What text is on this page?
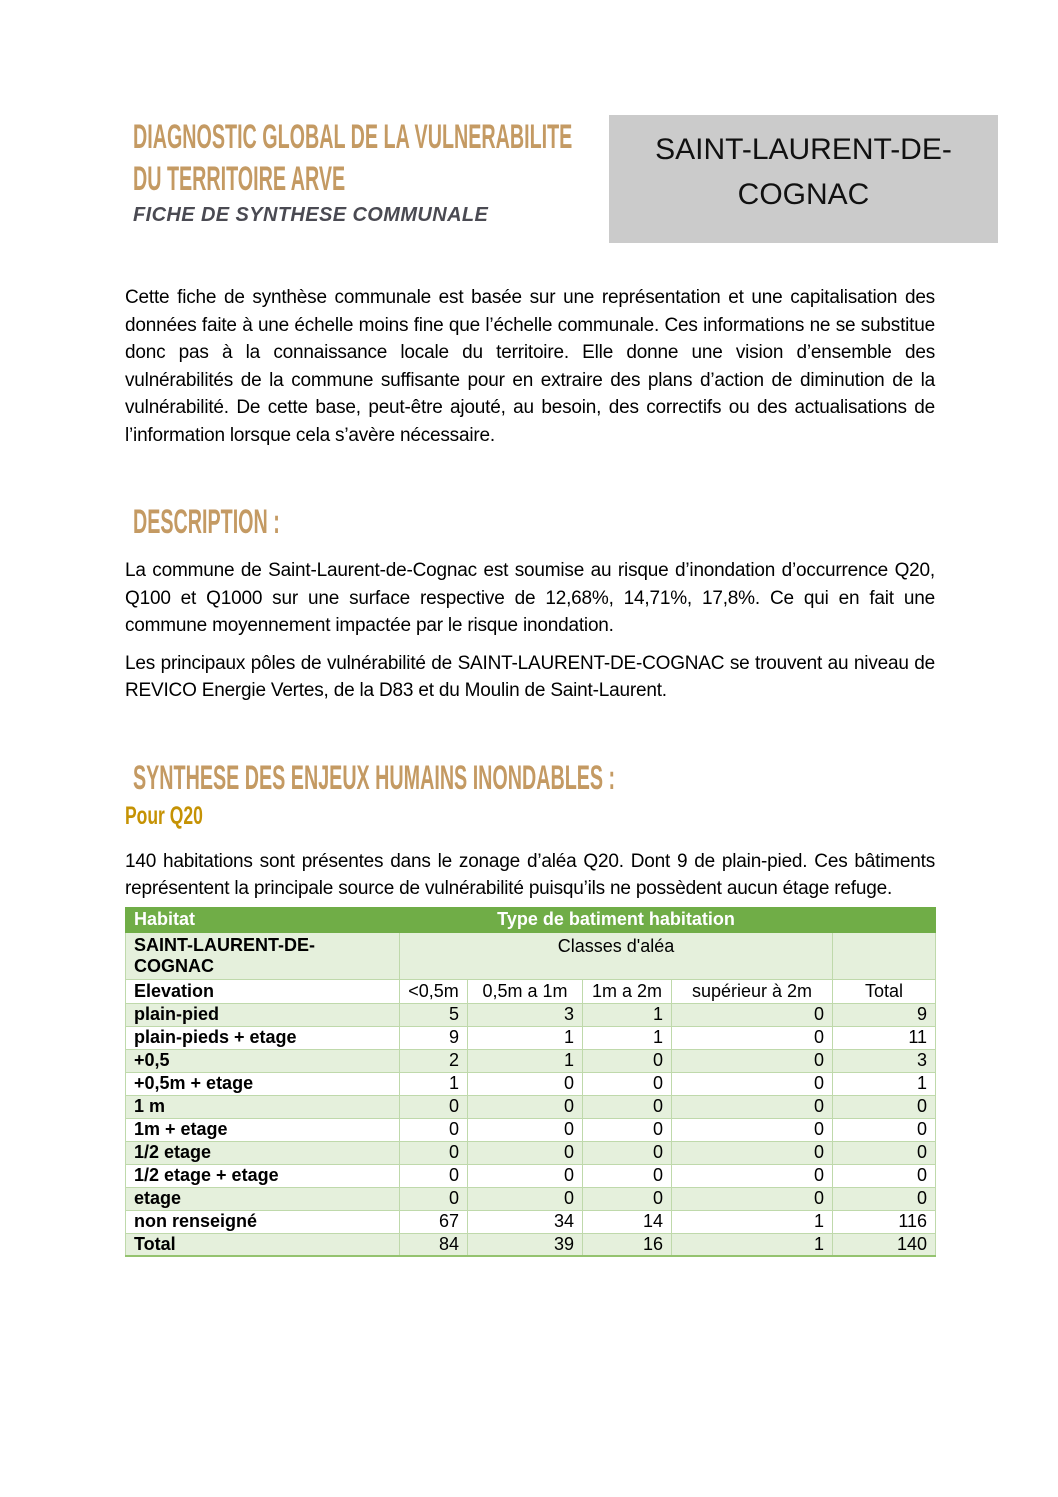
DIAGNOSTIC GLOBAL DE LA VULNERABILITE
DU TERRITOIRE ARVE
FICHE DE SYNTHESE COMMUNALE
SAINT-LAURENT-DE-COGNAC

Cette fiche de synthèse communale est basée sur une représentation et une capitalisation des données faite à une échelle moins fine que l’échelle communale. Ces informations ne se substitue donc pas à la connaissance locale du territoire. Elle donne une vision d’ensemble des vulnérabilités de la commune suffisante pour en extraire des plans d’action de diminution de la vulnérabilité. De cette base, peut-être ajouté, au besoin, des correctifs ou des actualisations de l’information lorsque cela s’avère nécessaire.

DESCRIPTION :

La commune de Saint-Laurent-de-Cognac est soumise au risque d’inondation d’occurrence Q20, Q100 et Q1000 sur une surface respective de 12,68%, 14,71%, 17,8%. Ce qui en fait une commune moyennement impactée par le risque inondation.

Les principaux pôles de vulnérabilité de SAINT-LAURENT-DE-COGNAC se trouvent au niveau de REVICO Energie Vertes, de la D83 et du Moulin de Saint-Laurent.

SYNTHESE DES ENJEUX HUMAINS INONDABLES :
Pour Q20

140 habitations sont présentes dans le zonage d’aléa Q20. Dont 9 de plain-pied. Ces bâtiments représentent la principale source de vulnérabilité puisqu’ils ne possèdent aucun étage refuge.

Habitat	Type de batiment habitation				

SAINT-LAURENT-DE-COGNAC	Classes d'aléa				
Elevation	<0,5m	0,5m a 1m	1m a 2m	supérieur à 2m	Total
plain-pied	5	3	1	0	9
plain-pieds + etage	9	1	1	0	11
+0,5	2	1	0	0	3
+0,5m + etage	1	0	0	0	1
1 m	0	0	0	0	0
1m + etage	0	0	0	0	0
1/2 etage	0	0	0	0	0
1/2 etage + etage	0	0	0	0	0
etage	0	0	0	0	0
non renseigné	67	34	14	1	116
Total	84	39	16	1	140
